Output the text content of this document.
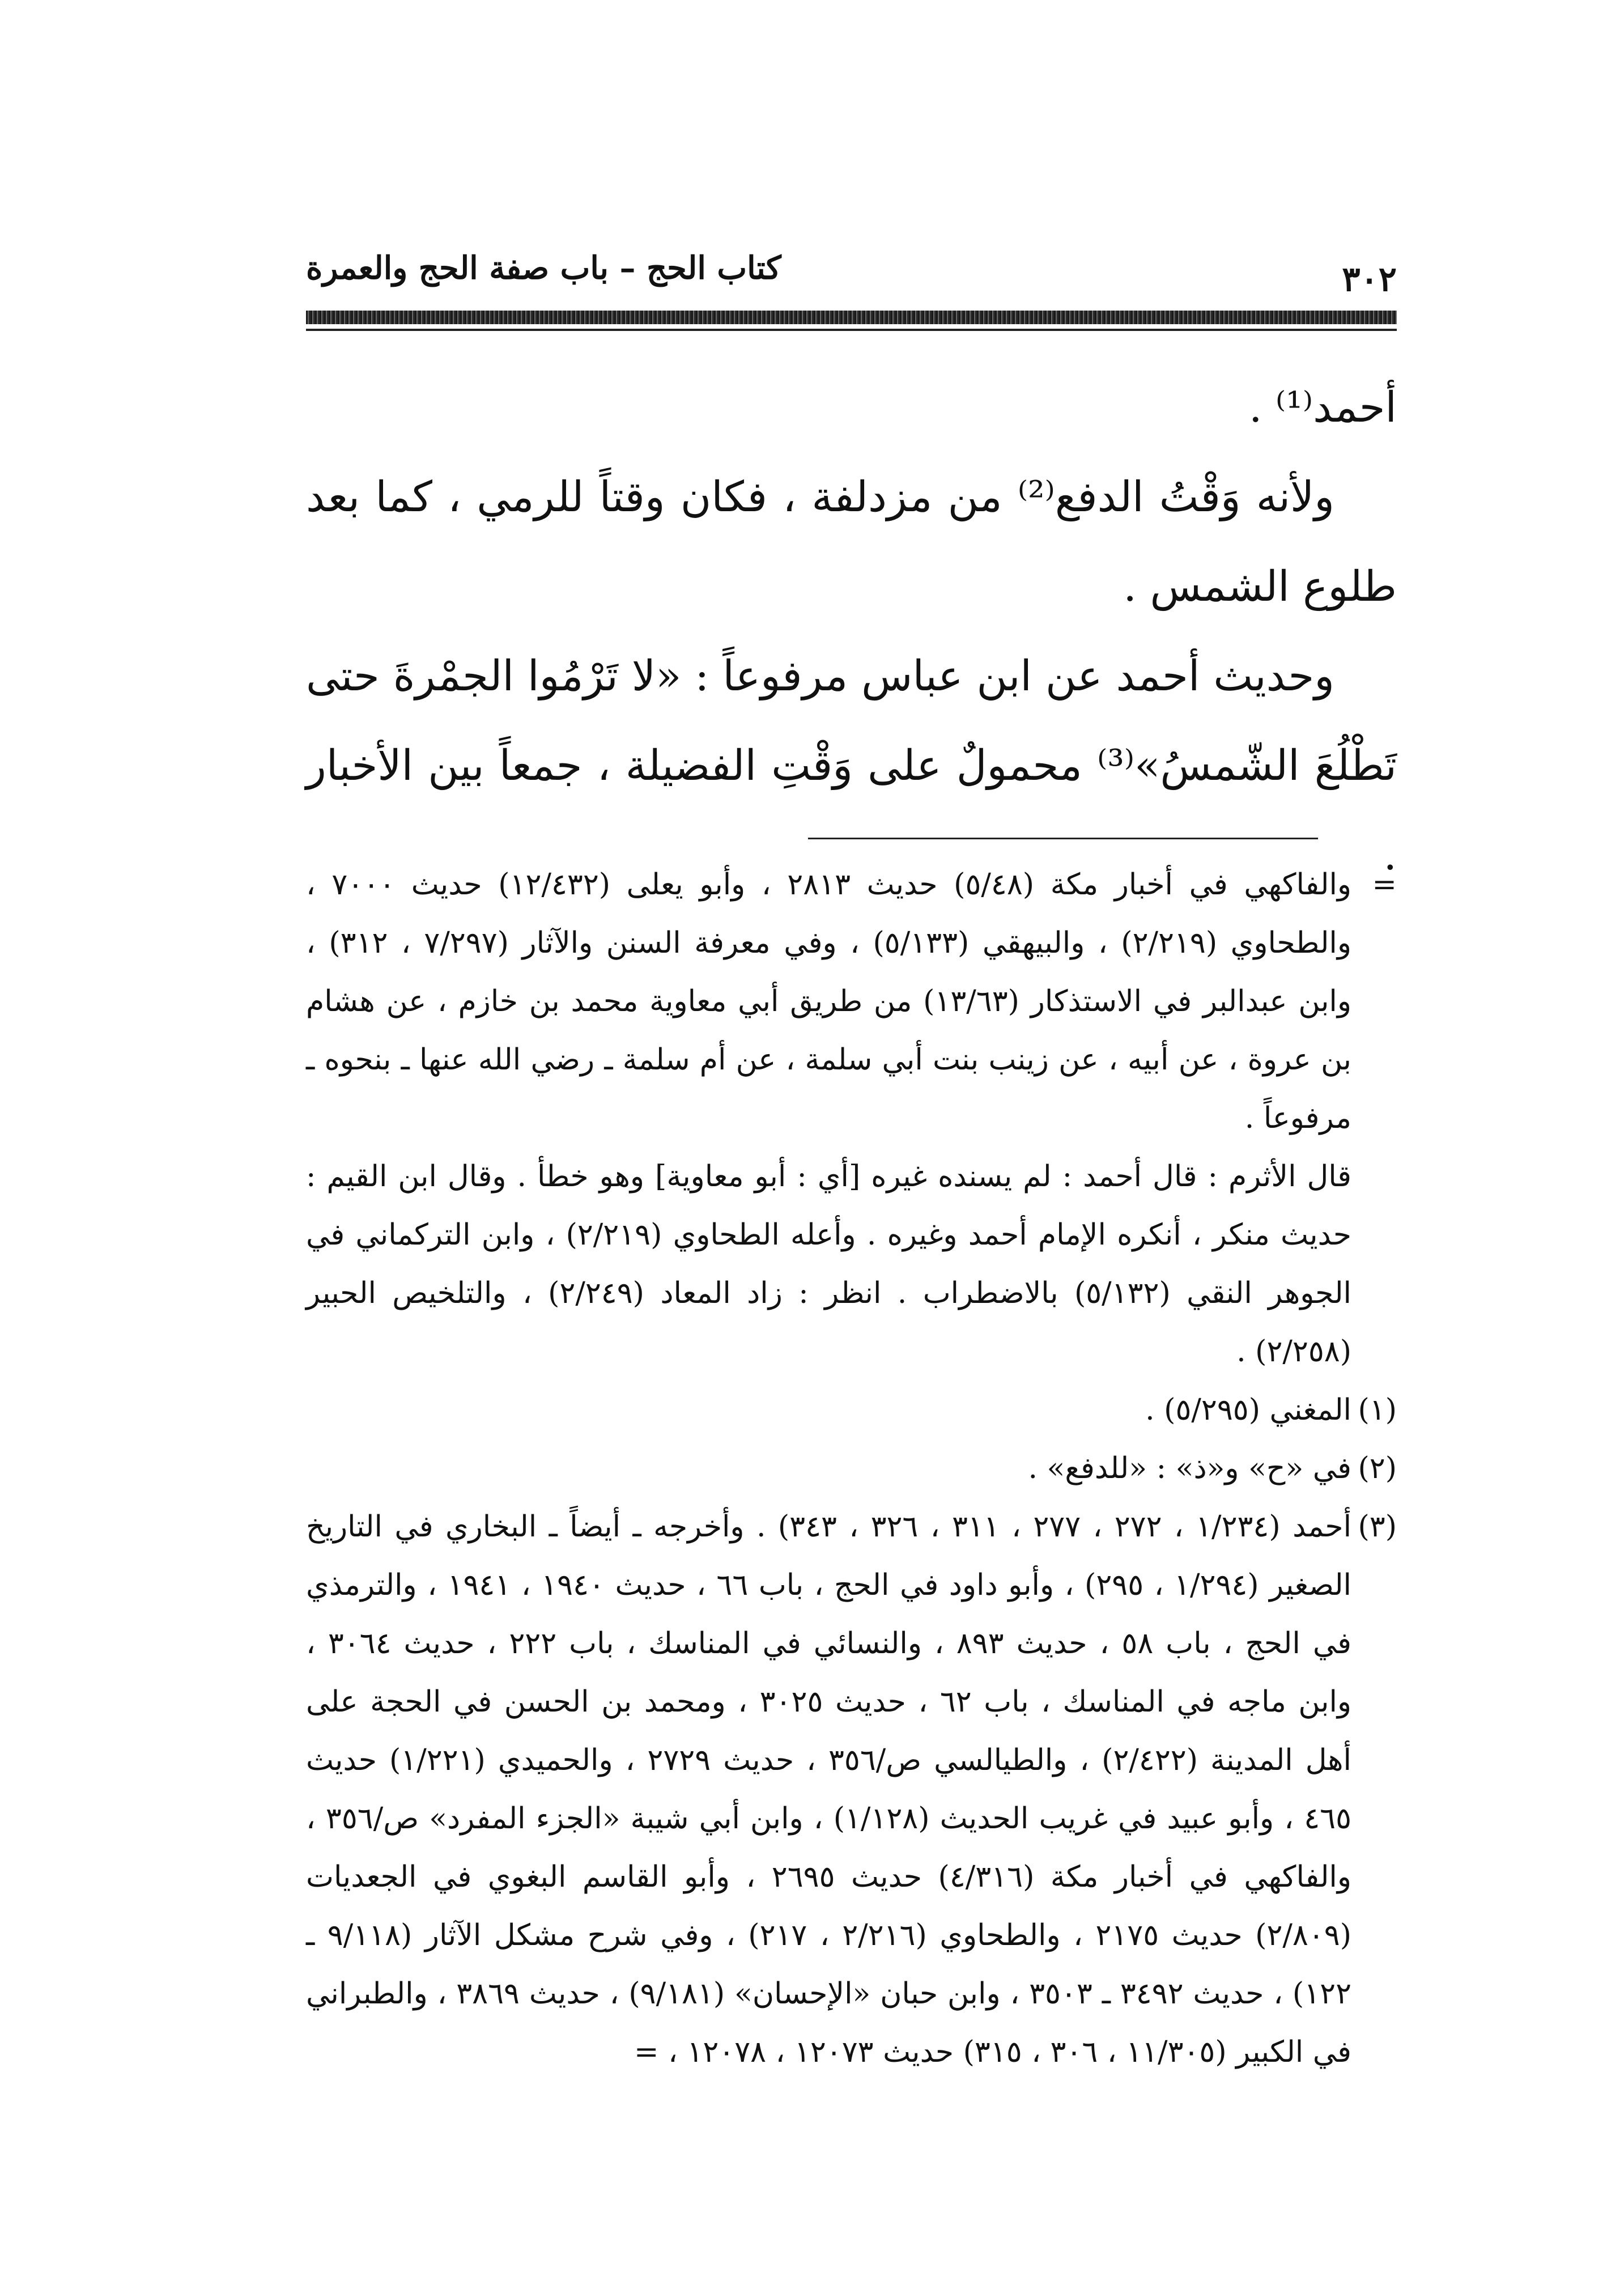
كتاب الحج – باب صفة الحج والعمرة	٣٠٢

أحمد⁽¹⁾ .

ولأنه وَقْتُ الدفع⁽²⁾ من مزدلفة ، فكان وقتاً للرمي ، كما بعد طلوع الشمس .

وحديث أحمد عن ابن عباس مرفوعاً : «لا تَرْمُوا الجمْرةَ حتى تَطْلُعَ الشّمسُ»⁽³⁾ محمولٌ على وَقْتِ الفضيلة ، جمعاً بين الأخبار .

=
والفاكهي في أخبار مكة (٥/٤٨) حديث ٢٨١٣ ، وأبو يعلى (١٢/٤٣٢) حديث ٧٠٠٠ ، والطحاوي (٢/٢١٩) ، والبيهقي (٥/١٣٣) ، وفي معرفة السنن والآثار (٧/٢٩٧ ، ٣١٢) ، وابن عبدالبر في الاستذكار (١٣/٦٣) من طريق أبي معاوية محمد بن خازم ، عن هشام بن عروة ، عن أبيه ، عن زينب بنت أبي سلمة ، عن أم سلمة ـ رضي الله عنها ـ بنحوه ـ مرفوعاً .
قال الأثرم : قال أحمد : لم يسنده غيره [أي : أبو معاوية] وهو خطأ . وقال ابن القيم : حديث منكر ، أنكره الإمام أحمد وغيره . وأعله الطحاوي (٢/٢١٩) ، وابن التركماني في الجوهر النقي (٥/١٣٢) بالاضطراب . انظر : زاد المعاد (٢/٢٤٩) ، والتلخيص الحبير (٢/٢٥٨) .
(١)
المغني (٥/٢٩٥) .
(٢)
في «ح» و«ذ» : «للدفع» .
(٣)
أحمد (١/٢٣٤ ، ٢٧٢ ، ٢٧٧ ، ٣١١ ، ٣٢٦ ، ٣٤٣) . وأخرجه ـ أيضاً ـ البخاري في التاريخ الصغير (١/٢٩٤ ، ٢٩٥) ، وأبو داود في الحج ، باب ٦٦ ، حديث ١٩٤٠ ، ١٩٤١ ، والترمذي في الحج ، باب ٥٨ ، حديث ٨٩٣ ، والنسائي في المناسك ، باب ٢٢٢ ، حديث ٣٠٦٤ ، وابن ماجه في المناسك ، باب ٦٢ ، حديث ٣٠٢٥ ، ومحمد بن الحسن في الحجة على أهل المدينة (٢/٤٢٢) ، والطيالسي ص/٣٥٦ ، حديث ٢٧٢٩ ، والحميدي (١/٢٢١) حديث ٤٦٥ ، وأبو عبيد في غريب الحديث (١/١٢٨) ، وابن أبي شيبة «الجزء المفرد» ص/٣٥٦ ، والفاكهي في أخبار مكة (٤/٣١٦) حديث ٢٦٩٥ ، وأبو القاسم البغوي في الجعديات (٢/٨٠٩) حديث ٢١٧٥ ، والطحاوي (٢/٢١٦ ، ٢١٧) ، وفي شرح مشكل الآثار (٩/١١٨ ـ ١٢٢) ، حديث ٣٤٩٢ ـ ٣٥٠٣ ، وابن حبان «الإحسان» (٩/١٨١) ، حديث ٣٨٦٩ ، والطبراني في الكبير (١١/٣٠٥ ، ٣٠٦ ، ٣١٥) حديث ١٢٠٧٣ ، ١٢٠٧٨ ، =
